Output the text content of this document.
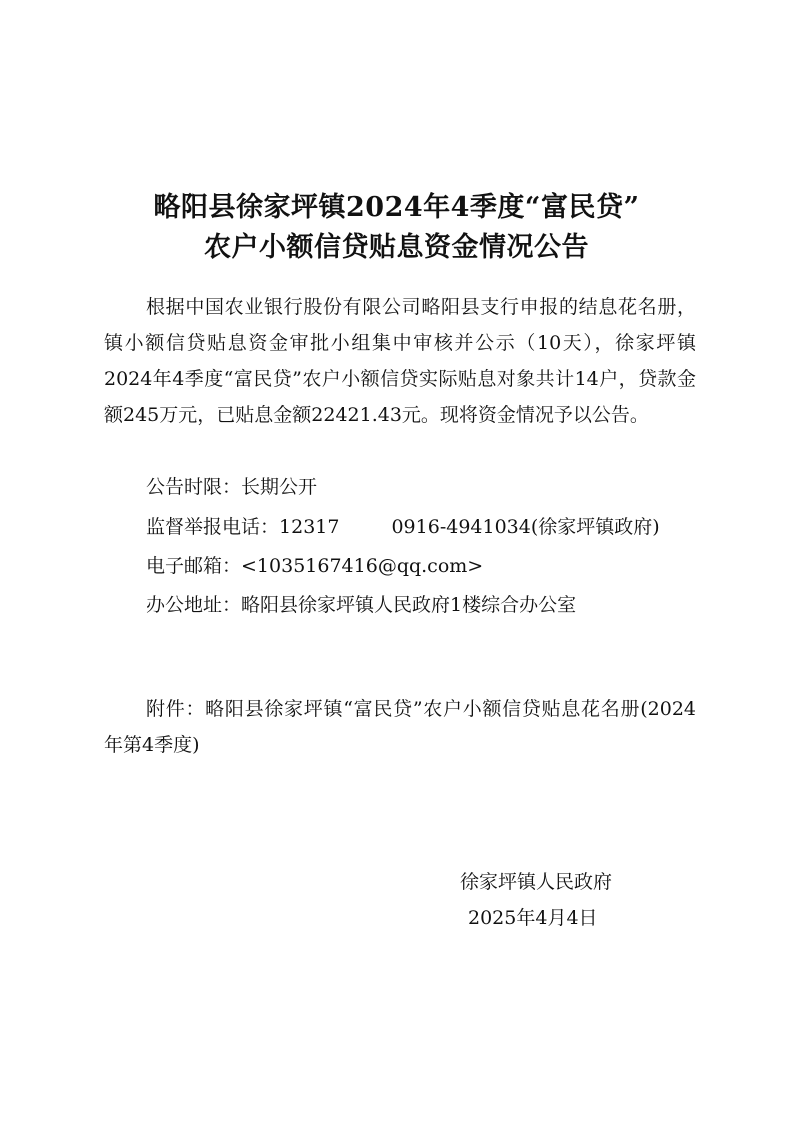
略阳县徐家坪镇2024年4季度“富民贷”
农户小额信贷贴息资金情况公告
根据中国农业银行股份有限公司略阳县支行申报的结息花名册，镇小额信贷贴息资金审批小组集中审核并公示（10天），徐家坪镇2024年4季度“富民贷”农户小额信贷实际贴息对象共计14户，贷款金额245万元，已贴息金额22421.43元。现将资金情况予以公告。
公告时限：长期公开
监督举报电话：12317	0916-4941034(徐家坪镇政府)
电子邮箱：<1035167416@qq.com>
办公地址：略阳县徐家坪镇人民政府1楼综合办公室
附件：略阳县徐家坪镇“富民贷”农户小额信贷贴息花名册(2024年第4季度)
徐家坪镇人民政府
2025年4月4日
